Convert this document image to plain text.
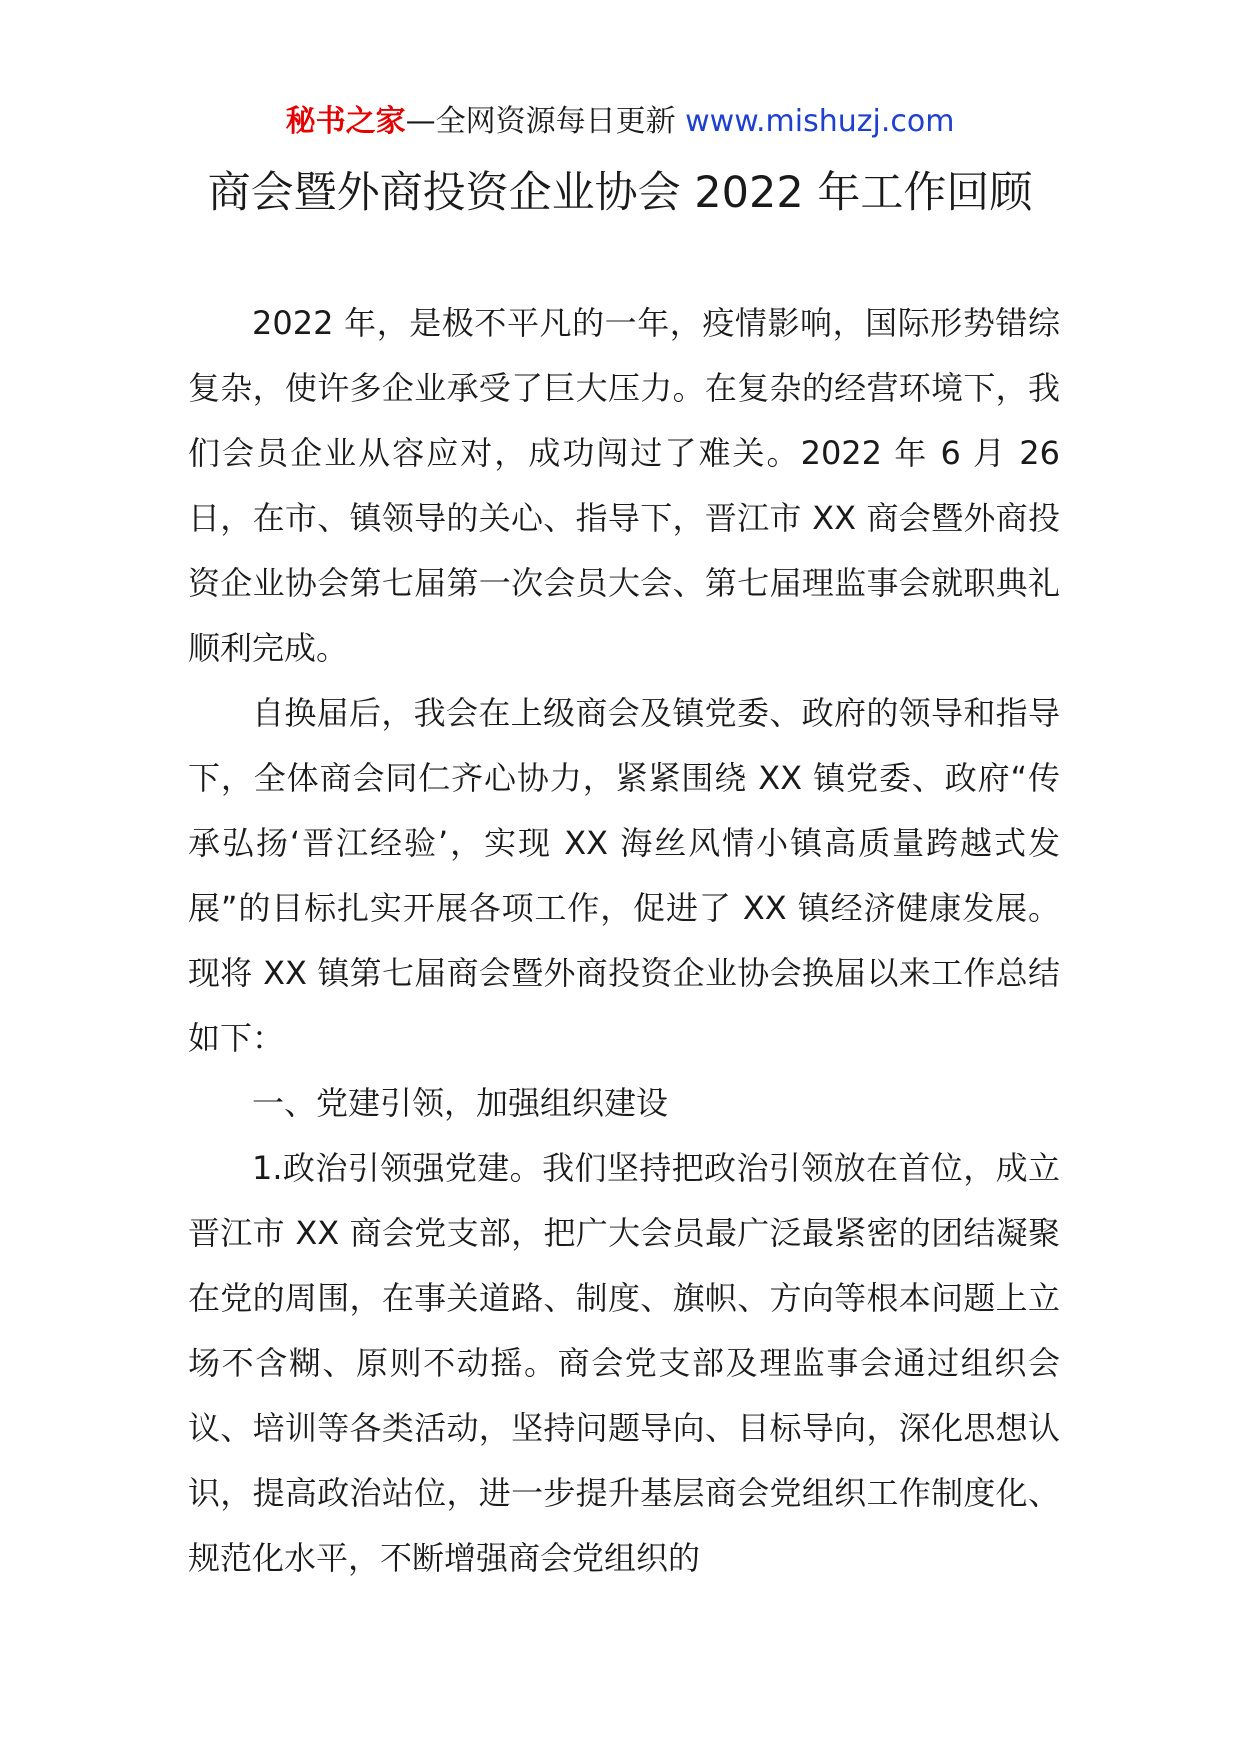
秘书之家—全网资源每日更新 www.mishuzj.com
商会暨外商投资企业协会 2022 年工作回顾

2022 年，是极不平凡的一年，疫情影响，国际形势错综复杂，使许多企业承受了巨大压力。在复杂的经营环境下，我们会员企业从容应对，成功闯过了难关。2022 年 6 月 26 日，在市、镇领导的关心、指导下，晋江市 XX 商会暨外商投资企业协会第七届第一次会员大会、第七届理监事会就职典礼顺利完成。

自换届后，我会在上级商会及镇党委、政府的领导和指导下，全体商会同仁齐心协力，紧紧围绕 XX 镇党委、政府“传承弘扬‘晋江经验’，实现 XX 海丝风情小镇高质量跨越式发展”的目标扎实开展各项工作，促进了 XX 镇经济健康发展。现将 XX 镇第七届商会暨外商投资企业协会换届以来工作总结如下：

一、党建引领，加强组织建设

1.政治引领强党建。我们坚持把政治引领放在首位，成立晋江市 XX 商会党支部，把广大会员最广泛最紧密的团结凝聚在党的周围，在事关道路、制度、旗帜、方向等根本问题上立场不含糊、原则不动摇。商会党支部及理监事会通过组织会议、培训等各类活动，坚持问题导向、目标导向，深化思想认识，提高政治站位，进一步提升基层商会党组织工作制度化、规范化水平，不断增强商会党组织的
